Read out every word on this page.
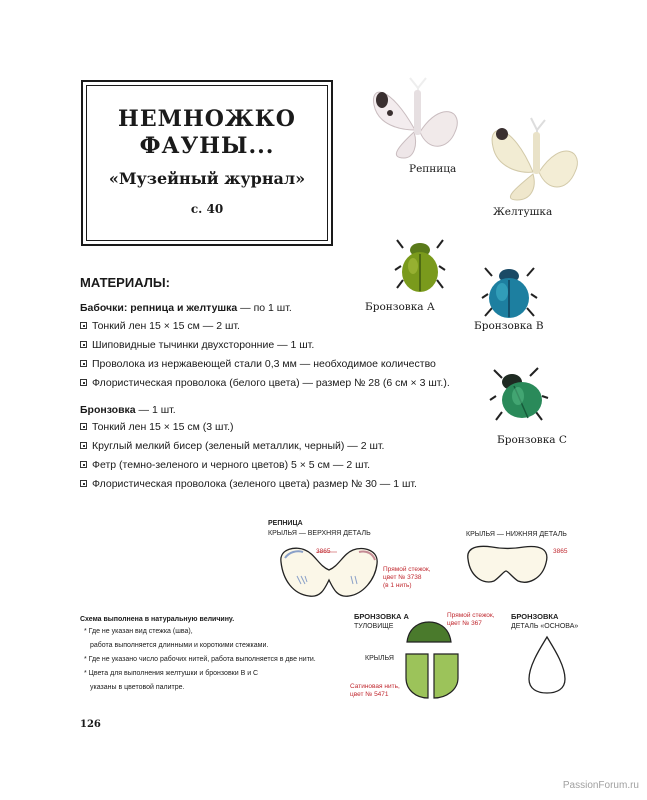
НЕМНОЖКО
ФАУНЫ...
«Музейный журнал»
с. 40
Репница
Желтушка
Бронзовка А
Бронзовка В
Бронзовка С
МАТЕРИАЛЫ:
Бабочки: репница и желтушка — по 1 шт.
Тонкий лен 15 × 15 см — 2 шт.
Шиповидные тычинки двухсторонние — 1 шт.
Проволока из нержавеющей стали 0,3 мм — необходимое количество
Флористическая проволока (белого цвета) — размер № 28 (6 см × 3 шт.).
Бронзовка — 1 шт.
Тонкий лен 15 × 15 см (3 шт.)
Круглый мелкий бисер (зеленый металлик, черный) — 2 шт.
Фетр (темно-зеленого и черного цветов) 5 × 5 см — 2 шт.
Флористическая проволока (зеленого цвета) размер № 30 — 1 шт.
РЕПНИЦА
КРЫЛЬЯ — ВЕРХНЯЯ ДЕТАЛЬ
3865
Прямой стежок,
цвет № 3738
(в 1 нить)
КРЫЛЬЯ — НИЖНЯЯ ДЕТАЛЬ
3865
БРОНЗОВКА А
ТУЛОВИЩЕ
Прямой стежок,
цвет № 367
КРЫЛЬЯ
Сатиновая нить,
цвет № 5471
БРОНЗОВКА
ДЕТАЛЬ «ОСНОВА»
Схема выполнена в натуральную величину.
* Где не указан вид стежка (шва),
работа выполняется длинными и короткими стежками.
* Где не указано число рабочих нитей, работа выполняется в две нити.
* Цвета для выполнения желтушки и бронзовки В и С
указаны в цветовой палитре.
126
PassionForum.ru
